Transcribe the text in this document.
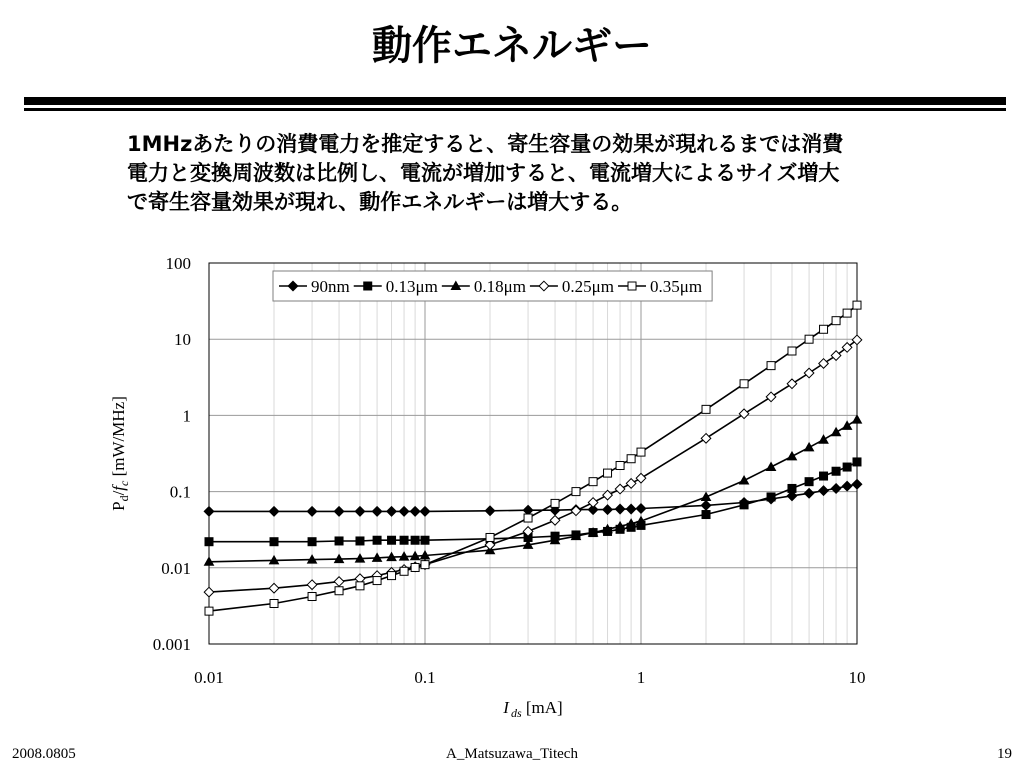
動作エネルギー
1MHzあたりの消費電力を推定すると、寄生容量の効果が現れるまでは消費
電力と変換周波数は比例し、電流が増加すると、電流増大によるサイズ増大
で寄生容量効果が現れ、動作エネルギーは増大する。
0.01	0.1	1	10
100
10
1
0.1
0.01
0.001
90nm 0.13μm 0.18μm 0.25μm 0.35μm
I $_{ds}$ [mA]
$P_d/f_c$ [mW/MHz]
2008.0805	A_Matsuzawa_Titech	19
